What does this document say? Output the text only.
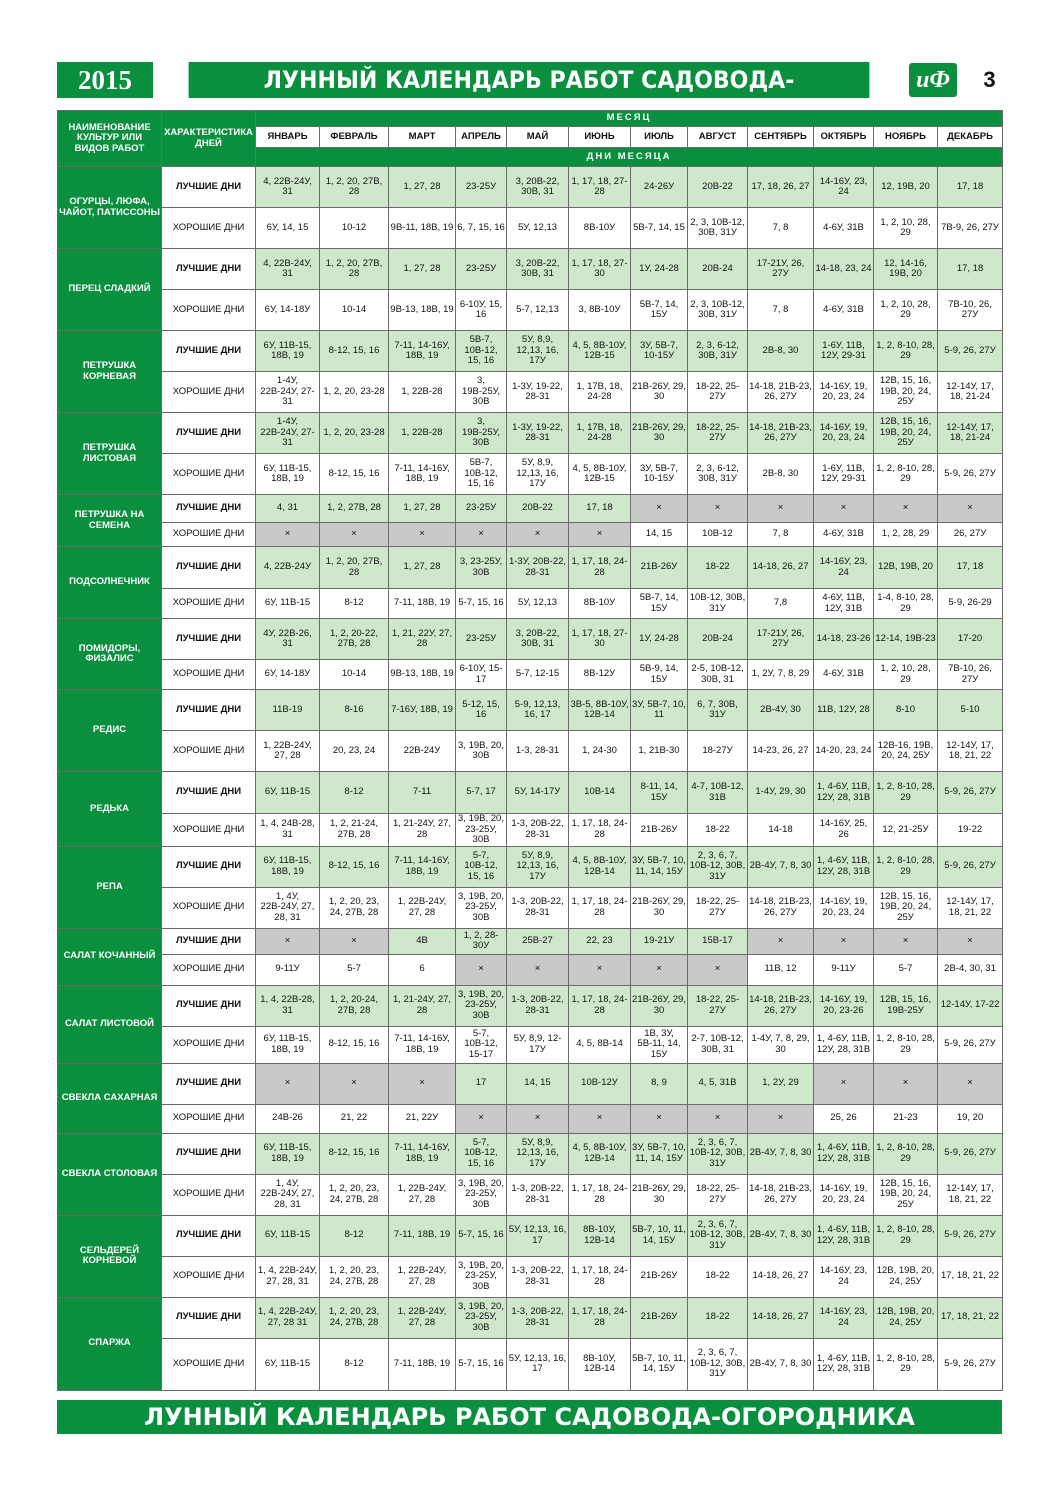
2015	ЛУННЫЙ КАЛЕНДАРЬ РАБОТ САДОВОДА-	иФ	3
НАИМЕНОВАНИЕ КУЛЬТУР ИЛИ ВИДОВ РАБОТ	ХАРАКТЕРИСТИКА ДНЕЙ	МЕСЯЦ											
		ЯНВАРЬ	ФЕВРАЛЬ	МАРТ	АПРЕЛЬ	МАЙ	ИЮНЬ	ИЮЛЬ	АВГУСТ	СЕНТЯБРЬ	ОКТЯБРЬ	НОЯБРЬ	ДЕКАБРЬ
		ДНИ МЕСЯЦА											
ОГУРЦЫ, ЛЮФА, ЧАЙОТ, ПАТИССОНЫ	ЛУЧШИЕ ДНИ	4, 22В-24У, 31	1, 2, 20, 27В, 28	1, 27, 28	23-25У	3, 20В-22, 30В, 31	1, 17, 18, 27-28	24-26У	20В-22	17, 18, 26, 27	14-16У, 23, 24	12, 19В, 20	17, 18
	ХОРОШИЕ ДНИ	6У, 14, 15	10-12	9В-11, 18В, 19	6, 7, 15, 16	5У, 12,13	8В-10У	5В-7, 14, 15	2, 3, 10В-12, 30В, 31У	7, 8	4-6У, 31В	1, 2, 10, 28, 29	7В-9, 26, 27У
ПЕРЕЦ СЛАДКИЙ	ЛУЧШИЕ ДНИ	4, 22В-24У, 31	1, 2, 20, 27В, 28	1, 27, 28	23-25У	3, 20В-22, 30В, 31	1, 17, 18, 27-30	1У, 24-28	20В-24	17-21У, 26, 27У	14-18, 23, 24	12, 14-16, 19В, 20	17, 18
	ХОРОШИЕ ДНИ	6У, 14-18У	10-14	9В-13, 18В, 19	6-10У, 15, 16	5-7, 12,13	3, 8В-10У	5В-7, 14, 15У	2, 3, 10В-12, 30В, 31У	7, 8	4-6У, 31В	1, 2, 10, 28, 29	7В-10, 26, 27У
ПЕТРУШКА КОРНЕВАЯ	ЛУЧШИЕ ДНИ	6У, 11В-15, 18В, 19	8-12, 15, 16	7-11, 14-16У, 18В, 19	5В-7, 10В-12, 15, 16	5У, 8,9, 12,13, 16, 17У	4, 5, 8В-10У, 12В-15	3У, 5В-7, 10-15У	2, 3, 6-12, 30В, 31У	2В-8, 30	1-6У, 11В, 12У, 29-31	1, 2, 8-10, 28, 29	5-9, 26, 27У
	ХОРОШИЕ ДНИ	1-4У, 22В-24У, 27-31	1, 2, 20, 23-28	1, 22В-28	3, 19В-25У, 30В	1-3У, 19-22, 28-31	1, 17В, 18, 24-28	21В-26У, 29, 30	18-22, 25-27У	14-18, 21В-23, 26, 27У	14-16У, 19, 20, 23, 24	12В, 15, 16, 19В, 20, 24, 25У	12-14У, 17, 18, 21-24
ПЕТРУШКА ЛИСТОВАЯ	ЛУЧШИЕ ДНИ	1-4У, 22В-24У, 27-31	1, 2, 20, 23-28	1, 22В-28	3, 19В-25У, 30В	1-3У, 19-22, 28-31	1, 17В, 18, 24-28	21В-26У, 29, 30	18-22, 25-27У	14-18, 21В-23, 26, 27У	14-16У, 19, 20, 23, 24	12В, 15, 16, 19В, 20, 24, 25У	12-14У, 17, 18, 21-24
	ХОРОШИЕ ДНИ	6У, 11В-15, 18В, 19	8-12, 15, 16	7-11, 14-16У, 18В, 19	5В-7, 10В-12, 15, 16	5У, 8,9, 12,13, 16, 17У	4, 5, 8В-10У, 12В-15	3У, 5В-7, 10-15У	2, 3, 6-12, 30В, 31У	2В-8, 30	1-6У, 11В, 12У, 29-31	1, 2, 8-10, 28, 29	5-9, 26, 27У
ПЕТРУШКА НА СЕМЕНА	ЛУЧШИЕ ДНИ	4, 31	1, 2, 27В, 28	1, 27, 28	23-25У	20В-22	17, 18	×	×	×	×	×	×
	ХОРОШИЕ ДНИ	×	×	×	×	×	×	14, 15	10В-12	7, 8	4-6У, 31В	1, 2, 28, 29	26, 27У
ПОДСОЛНЕЧНИК	ЛУЧШИЕ ДНИ	4, 22В-24У	1, 2, 20, 27В, 28	1, 27, 28	3, 23-25У, 30В	1-3У, 20В-22, 28-31	1, 17, 18, 24-28	21В-26У	18-22	14-18, 26, 27	14-16У, 23, 24	12В, 19В, 20	17, 18
	ХОРОШИЕ ДНИ	6У, 11В-15	8-12	7-11, 18В, 19	5-7, 15, 16	5У, 12,13	8В-10У	5В-7, 14, 15У	10В-12, 30В, 31У	7,8	4-6У, 11В, 12У, 31В	1-4, 8-10, 28, 29	5-9, 26-29
ПОМИДОРЫ, ФИЗАЛИС	ЛУЧШИЕ ДНИ	4У, 22В-26, 31	1, 2, 20-22, 27В, 28	1, 21, 22У, 27, 28	23-25У	3, 20В-22, 30В, 31	1, 17, 18, 27-30	1У, 24-28	20В-24	17-21У, 26, 27У	14-18, 23-26	12-14, 19В-23	17-20
	ХОРОШИЕ ДНИ	6У, 14-18У	10-14	9В-13, 18В, 19	6-10У, 15-17	5-7, 12-15	8В-12У	5В-9, 14, 15У	2-5, 10В-12, 30В, 31	1, 2У, 7, 8, 29	4-6У, 31В	1, 2, 10, 28, 29	7В-10, 26, 27У
РЕДИС	ЛУЧШИЕ ДНИ	11В-19	8-16	7-16У, 18В, 19	5-12, 15, 16	5-9, 12,13, 16, 17	3В-5, 8В-10У, 12В-14	3У, 5В-7, 10, 11	6, 7, 30В, 31У	2В-4У, 30	11В, 12У, 28	8-10	5-10
	ХОРОШИЕ ДНИ	1, 22В-24У, 27, 28	20, 23, 24	22В-24У	3, 19В, 20, 30В	1-3, 28-31	1, 24-30	1, 21В-30	18-27У	14-23, 26, 27	14-20, 23, 24	12В-16, 19В, 20, 24, 25У	12-14У, 17, 18, 21, 22
РЕДЬКА	ЛУЧШИЕ ДНИ	6У, 11В-15	8-12	7-11	5-7, 17	5У, 14-17У	10В-14	8-11, 14, 15У	4-7, 10В-12, 31В	1-4У, 29, 30	1, 4-6У, 11В, 12У, 28, 31В	1, 2, 8-10, 28, 29	5-9, 26, 27У
	ХОРОШИЕ ДНИ	1, 4, 24В-28, 31	1, 2, 21-24, 27В, 28	1, 21-24У, 27, 28	3, 19В, 20, 23-25У, 30В	1-3, 20В-22, 28-31	1, 17, 18, 24-28	21В-26У	18-22	14-18	14-16У, 25, 26	12, 21-25У	19-22
РЕПА	ЛУЧШИЕ ДНИ	6У, 11В-15, 18В, 19	8-12, 15, 16	7-11, 14-16У, 18В, 19	5-7, 10В-12, 15, 16	5У, 8,9, 12,13, 16, 17У	4, 5, 8В-10У, 12В-14	3У, 5В-7, 10, 11, 14, 15У	2, 3, 6, 7, 10В-12, 30В, 31У	2В-4У, 7, 8, 30	1, 4-6У, 11В, 12У, 28, 31В	1, 2, 8-10, 28, 29	5-9, 26, 27У
	ХОРОШИЕ ДНИ	1, 4У, 22В-24У, 27, 28, 31	1, 2, 20, 23, 24, 27В, 28	1, 22В-24У, 27, 28	3, 19В, 20, 23-25У, 30В	1-3, 20В-22, 28-31	1, 17, 18, 24-28	21В-26У, 29, 30	18-22, 25-27У	14-18, 21В-23, 26, 27У	14-16У, 19, 20, 23, 24	12В, 15, 16, 19В, 20, 24, 25У	12-14У, 17, 18, 21, 22
САЛАТ КОЧАННЫЙ	ЛУЧШИЕ ДНИ	×	×	4В	1, 2, 28-30У	25В-27	22, 23	19-21У	15В-17	×	×	×	×
	ХОРОШИЕ ДНИ	9-11У	5-7	6	×	×	×	×	×	11В, 12	9-11У	5-7	2В-4, 30, 31
САЛАТ ЛИСТОВОЙ	ЛУЧШИЕ ДНИ	1, 4, 22В-28, 31	1, 2, 20-24, 27В, 28	1, 21-24У, 27, 28	3, 19В, 20, 23-25У, 30В	1-3, 20В-22, 28-31	1, 17, 18, 24-28	21В-26У, 29, 30	18-22, 25-27У	14-18, 21В-23, 26, 27У	14-16У, 19, 20, 23-26	12В, 15, 16, 19В-25У	12-14У, 17-22
	ХОРОШИЕ ДНИ	6У, 11В-15, 18В, 19	8-12, 15, 16	7-11, 14-16У, 18В, 19	5-7, 10В-12, 15-17	5У, 8,9, 12-17У	4, 5, 8В-14	1В, 3У, 5В-11, 14, 15У	2-7, 10В-12, 30В, 31	1-4У, 7, 8, 29, 30	1, 4-6У, 11В, 12У, 28, 31В	1, 2, 8-10, 28, 29	5-9, 26, 27У
СВЕКЛА САХАРНАЯ	ЛУЧШИЕ ДНИ	×	×	×	17	14, 15	10В-12У	8, 9	4, 5, 31В	1, 2У, 29	×	×	×
	ХОРОШИЕ ДНИ	24В-26	21, 22	21, 22У	×	×	×	×	×	×	25, 26	21-23	19, 20
СВЕКЛА СТОЛОВАЯ	ЛУЧШИЕ ДНИ	6У, 11В-15, 18В, 19	8-12, 15, 16	7-11, 14-16У, 18В, 19	5-7, 10В-12, 15, 16	5У, 8,9, 12,13, 16, 17У	4, 5, 8В-10У, 12В-14	3У, 5В-7, 10, 11, 14, 15У	2, 3, 6, 7, 10В-12, 30В, 31У	2В-4У, 7, 8, 30	1, 4-6У, 11В, 12У, 28, 31В	1, 2, 8-10, 28, 29	5-9, 26, 27У
	ХОРОШИЕ ДНИ	1, 4У, 22В-24У, 27, 28, 31	1, 2, 20, 23, 24, 27В, 28	1, 22В-24У, 27, 28	3, 19В, 20, 23-25У, 30В	1-3, 20В-22, 28-31	1, 17, 18, 24-28	21В-26У, 29, 30	18-22, 25-27У	14-18, 21В-23, 26, 27У	14-16У, 19, 20, 23, 24	12В, 15, 16, 19В, 20, 24, 25У	12-14У, 17, 18, 21, 22
СЕЛЬДЕРЕЙ КОРНЕВОЙ	ЛУЧШИЕ ДНИ	6У, 11В-15	8-12	7-11, 18В, 19	5-7, 15, 16	5У, 12,13, 16, 17	8В-10У, 12В-14	5В-7, 10, 11, 14, 15У	2, 3, 6, 7, 10В-12, 30В, 31У	2В-4У, 7, 8, 30	1, 4-6У, 11В, 12У, 28, 31В	1, 2, 8-10, 28, 29	5-9, 26, 27У
	ХОРОШИЕ ДНИ	1, 4, 22В-24У, 27, 28, 31	1, 2, 20, 23, 24, 27В, 28	1, 22В-24У, 27, 28	3, 19В, 20, 23-25У, 30В	1-3, 20В-22, 28-31	1, 17, 18, 24-28	21В-26У	18-22	14-18, 26, 27	14-16У, 23, 24	12В, 19В, 20, 24, 25У	17, 18, 21, 22
СПАРЖА	ЛУЧШИЕ ДНИ	1, 4, 22В-24У, 27, 28 31	1, 2, 20, 23, 24, 27В, 28	1, 22В-24У, 27, 28	3, 19В, 20, 23-25У, 30В	1-3, 20В-22, 28-31	1, 17, 18, 24-28	21В-26У	18-22	14-18, 26, 27	14-16У, 23, 24	12В, 19В, 20, 24, 25У	17, 18, 21, 22
	ХОРОШИЕ ДНИ	6У, 11В-15	8-12	7-11, 18В, 19	5-7, 15, 16	5У, 12,13, 16, 17	8В-10У, 12В-14	5В-7, 10, 11, 14, 15У	2, 3, 6, 7, 10В-12, 30В, 31У	2В-4У, 7, 8, 30	1, 4-6У, 11В, 12У, 28, 31В	1, 2, 8-10, 28, 29	5-9, 26, 27У
ЛУННЫЙ КАЛЕНДАРЬ РАБОТ САДОВОДА-ОГОРОДНИКА
